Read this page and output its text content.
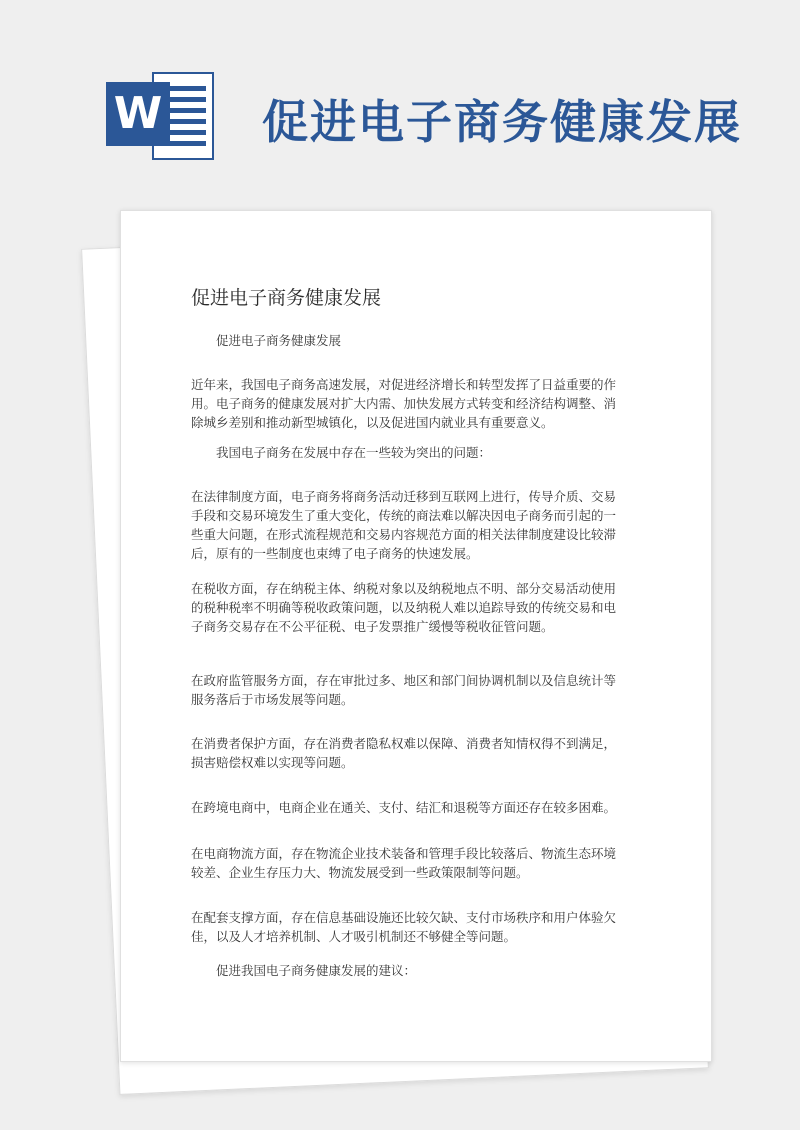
W 促进电子商务健康发展
促进电子商务健康发展

促进电子商务健康发展

近年来，我国电子商务高速发展，对促进经济增长和转型发挥了日益重要的作用。电子商务的健康发展对扩大内需、加快发展方式转变和经济结构调整、消除城乡差别和推动新型城镇化，以及促进国内就业具有重要意义。

我国电子商务在发展中存在一些较为突出的问题：

在法律制度方面，电子商务将商务活动迁移到互联网上进行，传导介质、交易手段和交易环境发生了重大变化，传统的商法难以解决因电子商务而引起的一些重大问题，在形式流程规范和交易内容规范方面的相关法律制度建设比较滞后，原有的一些制度也束缚了电子商务的快速发展。

在税收方面，存在纳税主体、纳税对象以及纳税地点不明、部分交易活动使用的税种税率不明确等税收政策问题，以及纳税人难以追踪导致的传统交易和电子商务交易存在不公平征税、电子发票推广缓慢等税收征管问题。

在政府监管服务方面，存在审批过多、地区和部门间协调机制以及信息统计等服务落后于市场发展等问题。

在消费者保护方面，存在消费者隐私权难以保障、消费者知情权得不到满足，损害赔偿权难以实现等问题。

在跨境电商中，电商企业在通关、支付、结汇和退税等方面还存在较多困难。

在电商物流方面，存在物流企业技术装备和管理手段比较落后、物流生态环境较差、企业生存压力大、物流发展受到一些政策限制等问题。

在配套支撑方面，存在信息基础设施还比较欠缺、支付市场秩序和用户体验欠佳，以及人才培养机制、人才吸引机制还不够健全等问题。

促进我国电子商务健康发展的建议：
